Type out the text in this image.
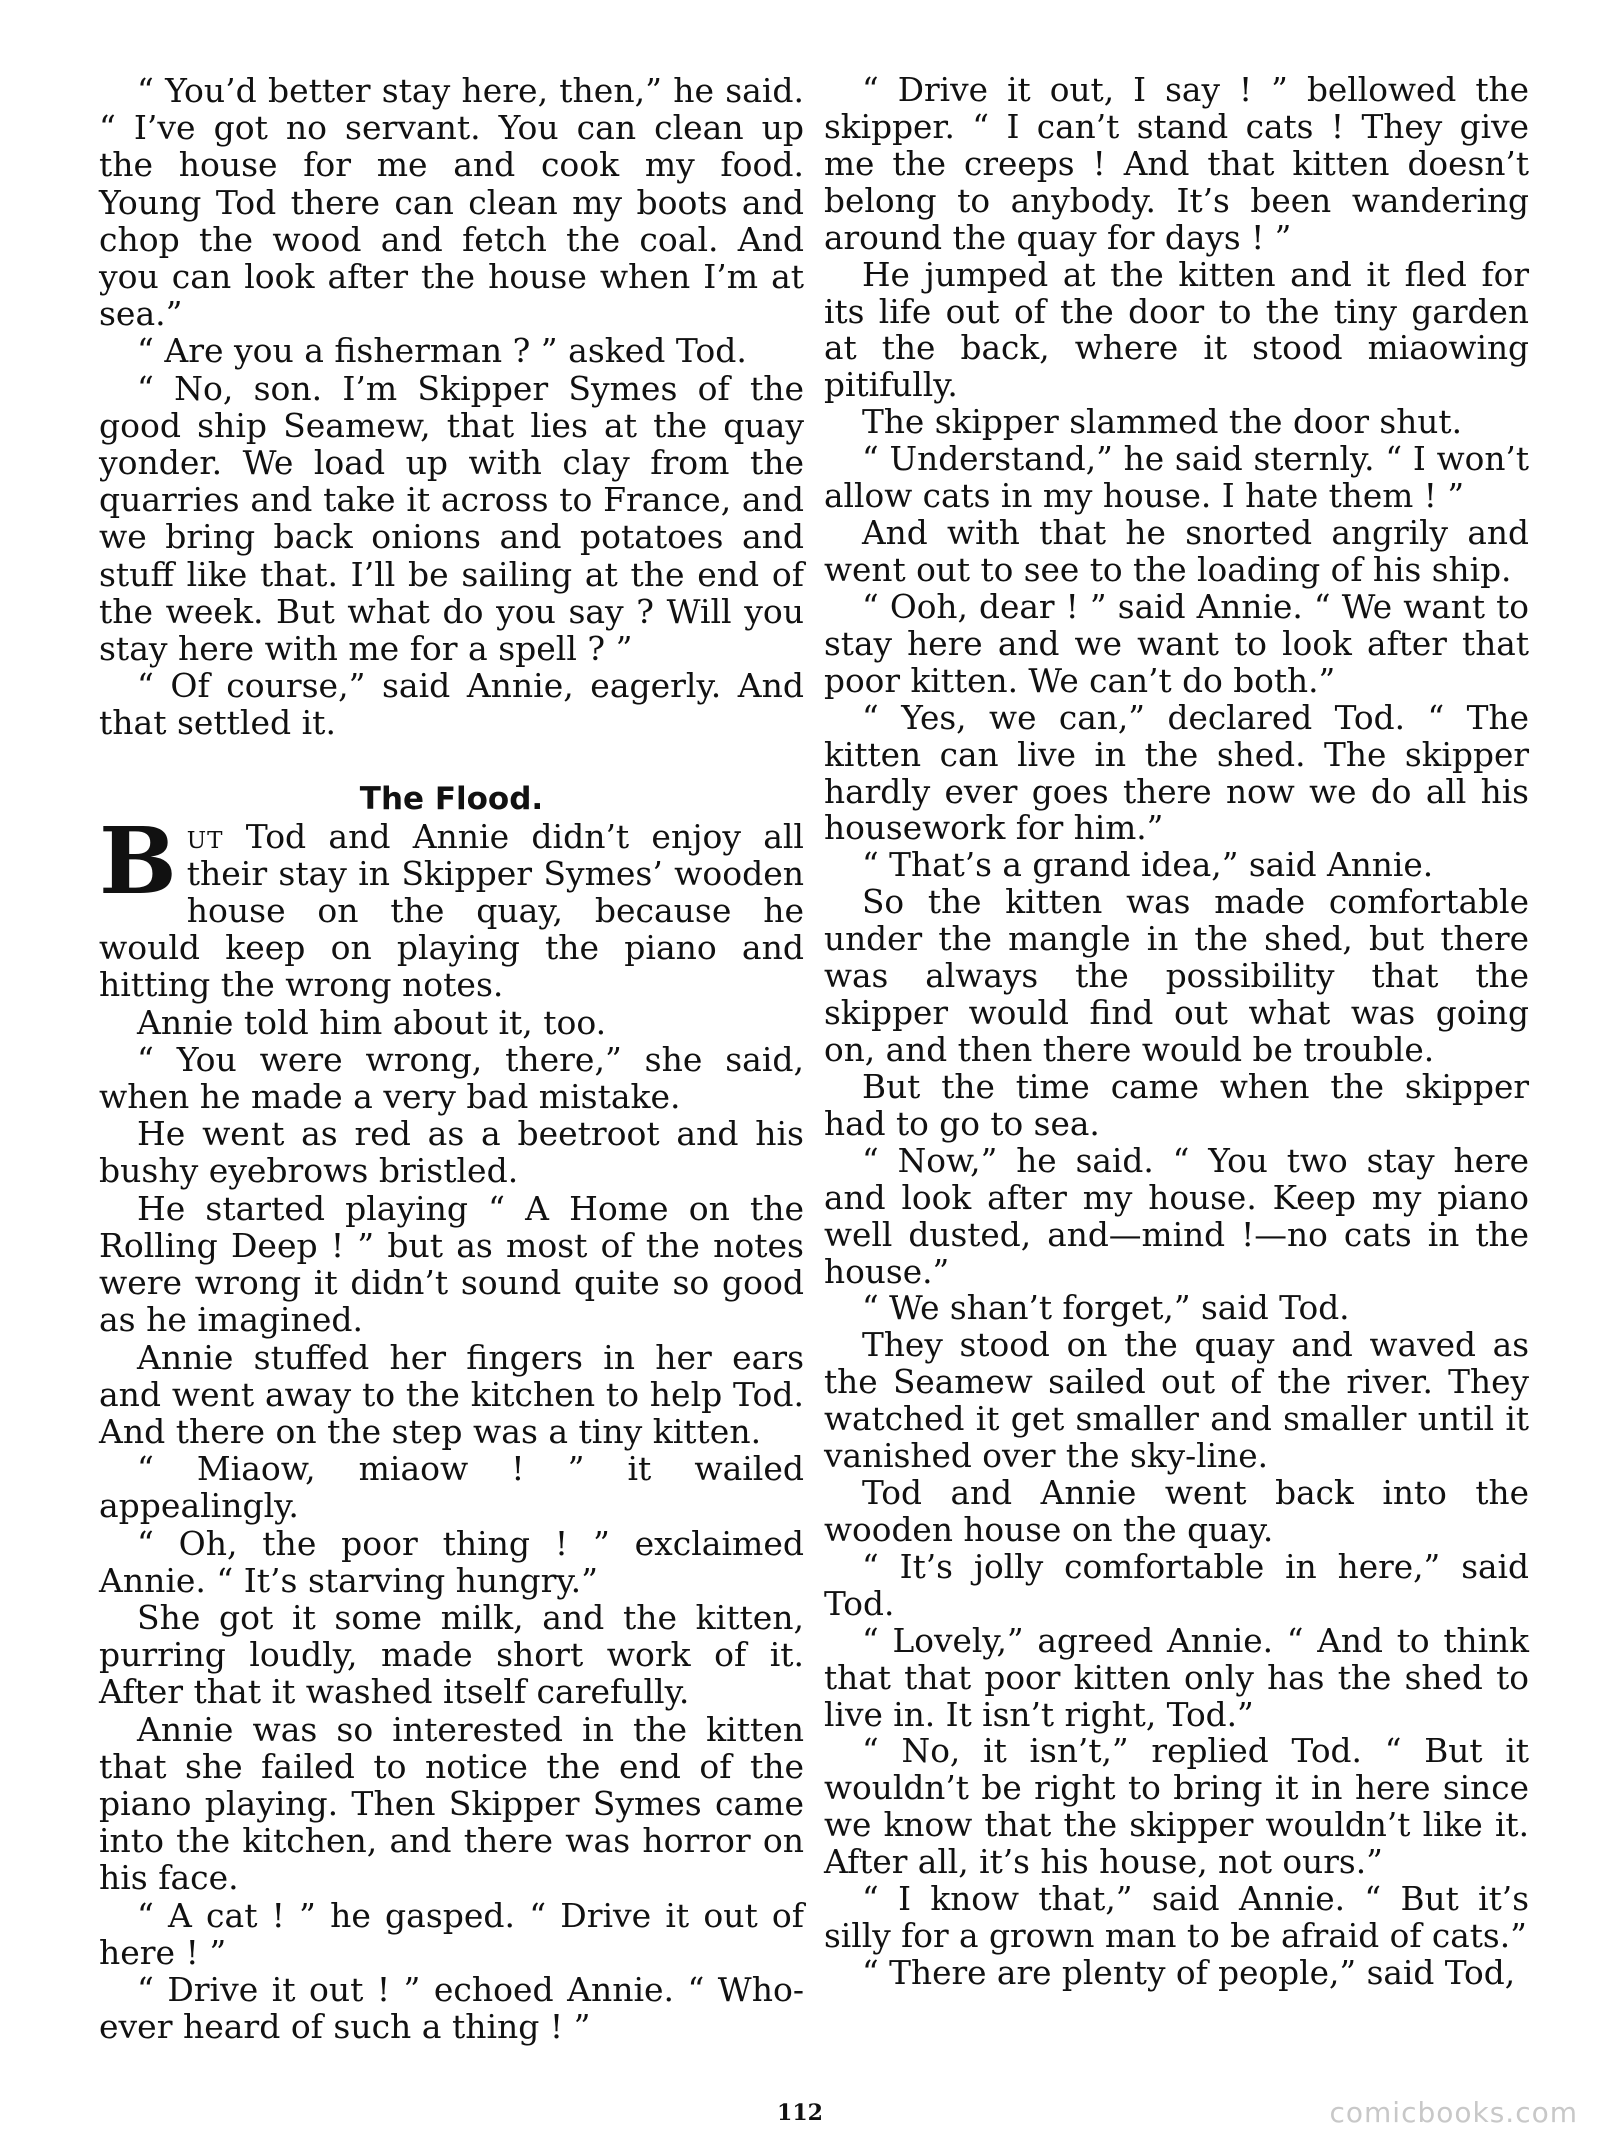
“ You’d better stay here, then,” he said. “ I’ve got no servant. You can clean up the house for me and cook my food. Young Tod there can clean my boots and chop the wood and fetch the coal. And you can look after the house when I’m at sea.”

“ Are you a fisherman ? ” asked Tod.

“ No, son. I’m Skipper Symes of the good ship Seamew, that lies at the quay yonder. We load up with clay from the quarries and take it across to France, and we bring back onions and potatoes and stuff like that. I’ll be sailing at the end of the week. But what do you say ? Will you stay here with me for a spell ? ”

“ Of course,” said Annie, eagerly. And that settled it.

The Flood.

But Tod and Annie didn’t enjoy all their stay in Skipper Symes’ wooden house on the quay, because he would keep on playing the piano and hitting the wrong notes.

Annie told him about it, too.

“ You were wrong, there,” she said, when he made a very bad mistake.

He went as red as a beetroot and his bushy eyebrows bristled.

He started playing “ A Home on the Rolling Deep ! ” but as most of the notes were wrong it didn’t sound quite so good as he imagined.

Annie stuffed her fingers in her ears and went away to the kitchen to help Tod. And there on the step was a tiny kitten.

“ Miaow, miaow ! ” it wailed appealingly.

“ Oh, the poor thing ! ” exclaimed Annie. “ It’s starving hungry.”

She got it some milk, and the kitten, purring loudly, made short work of it. After that it washed itself carefully.

Annie was so interested in the kitten that she failed to notice the end of the piano playing. Then Skipper Symes came into the kitchen, and there was horror on his face.

“ A cat ! ” he gasped. “ Drive it out of here ! ”

“ Drive it out ! ” echoed Annie. “ Who-ever heard of such a thing ! ”

“ Drive it out, I say ! ” bellowed the skipper. “ I can’t stand cats ! They give me the creeps ! And that kitten doesn’t belong to anybody. It’s been wandering around the quay for days ! ”

He jumped at the kitten and it fled for its life out of the door to the tiny garden at the back, where it stood miaowing pitifully.

The skipper slammed the door shut.

“ Understand,” he said sternly. “ I won’t allow cats in my house. I hate them ! ”

And with that he snorted angrily and went out to see to the loading of his ship.

“ Ooh, dear ! ” said Annie. “ We want to stay here and we want to look after that poor kitten. We can’t do both.”

“ Yes, we can,” declared Tod. “ The kitten can live in the shed. The skipper hardly ever goes there now we do all his housework for him.”

“ That’s a grand idea,” said Annie.

So the kitten was made comfortable under the mangle in the shed, but there was always the possibility that the skipper would find out what was going on, and then there would be trouble.

But the time came when the skipper had to go to sea.

“ Now,” he said. “ You two stay here and look after my house. Keep my piano well dusted, and—mind !—no cats in the house.”

“ We shan’t forget,” said Tod.

They stood on the quay and waved as the Seamew sailed out of the river. They watched it get smaller and smaller until it vanished over the sky-line.

Tod and Annie went back into the wooden house on the quay.

“ It’s jolly comfortable in here,” said Tod.

“ Lovely,” agreed Annie. “ And to think that that poor kitten only has the shed to live in. It isn’t right, Tod.”

“ No, it isn’t,” replied Tod. “ But it wouldn’t be right to bring it in here since we know that the skipper wouldn’t like it. After all, it’s his house, not ours.”

“ I know that,” said Annie. “ But it’s silly for a grown man to be afraid of cats.”

“ There are plenty of people,” said Tod,

112	comicbooks.com
